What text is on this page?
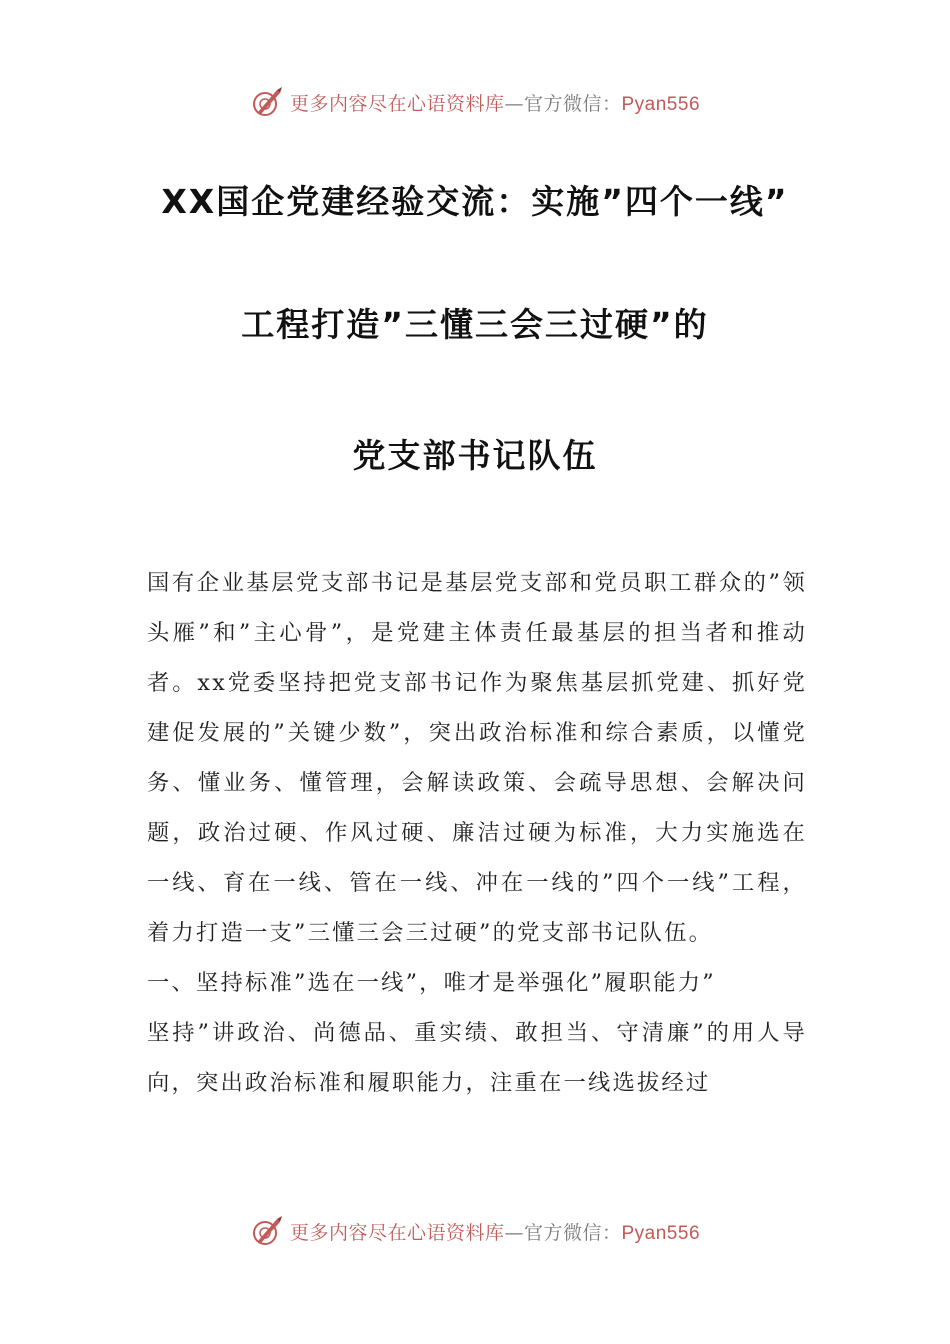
更多内容尽在心语资料库—官方微信：Pyan556
XX国企党建经验交流：实施”四个一线”
工程打造”三懂三会三过硬”的
党支部书记队伍

国有企业基层党支部书记是基层党支部和党员职工群众的”领头雁”和”主心骨”，是党建主体责任最基层的担当者和推动者。xx党委坚持把党支部书记作为聚焦基层抓党建、抓好党建促发展的”关键少数”，突出政治标准和综合素质，以懂党务、懂业务、懂管理，会解读政策、会疏导思想、会解决问题，政治过硬、作风过硬、廉洁过硬为标准，大力实施选在一线、育在一线、管在一线、冲在一线的”四个一线”工程，着力打造一支”三懂三会三过硬”的党支部书记队伍。

一、坚持标准”选在一线”，唯才是举强化”履职能力”

坚持”讲政治、尚德品、重实绩、敢担当、守清廉”的用人导向，突出政治标准和履职能力，注重在一线选拔经过

更多内容尽在心语资料库—官方微信：Pyan556
